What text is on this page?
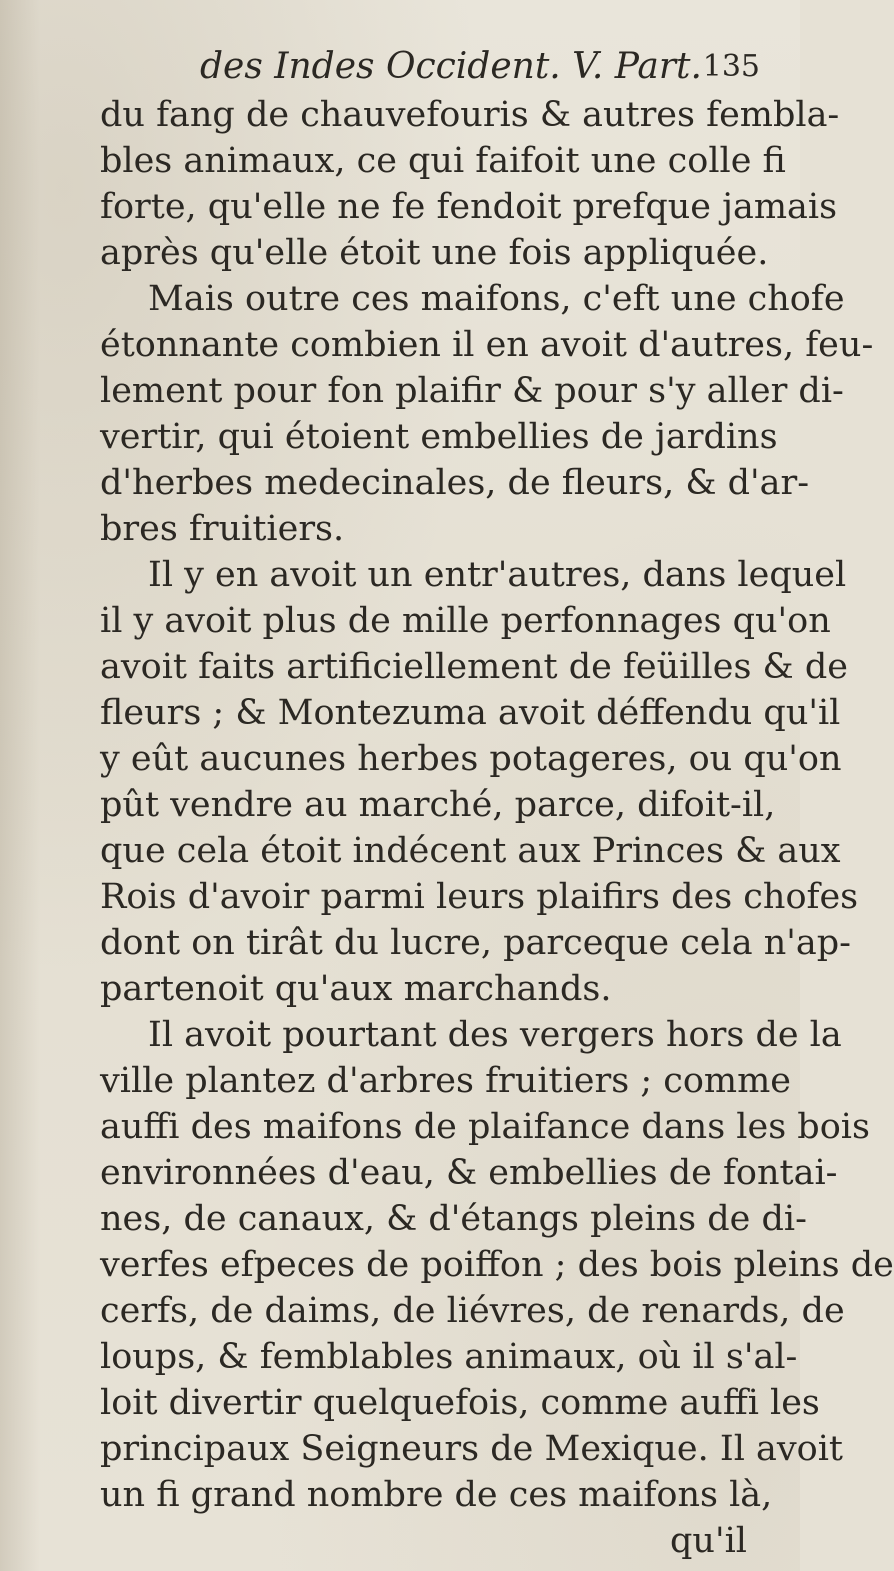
des Indes Occident. V. Part. 135
du fang de chauvefouris & autres fembla-
bles animaux, ce qui faifoit une colle fi
forte, qu'elle ne fe fendoit prefque jamais
après qu'elle étoit une fois appliquée.
Mais outre ces maifons, c'eft une chofe
étonnante combien il en avoit d'autres, feu-
lement pour fon plaifir & pour s'y aller di-
vertir, qui étoient embellies de jardins
d'herbes medecinales, de fleurs, & d'ar-
bres fruitiers.
Il y en avoit un entr'autres, dans lequel
il y avoit plus de mille perfonnages qu'on
avoit faits artificiellement de feüilles & de
fleurs ; & Montezuma avoit déffendu qu'il
y eût aucunes herbes potageres, ou qu'on
pût vendre au marché, parce, difoit-il,
que cela étoit indécent aux Princes & aux
Rois d'avoir parmi leurs plaifirs des chofes
dont on tirât du lucre, parceque cela n'ap-
partenoit qu'aux marchands.
Il avoit pourtant des vergers hors de la
ville plantez d'arbres fruitiers ; comme
auffi des maifons de plaifance dans les bois
environnées d'eau, & embellies de fontai-
nes, de canaux, & d'étangs pleins de di-
verfes efpeces de poiffon ; des bois pleins de
cerfs, de daims, de liévres, de renards, de
loups, & femblables animaux, où il s'al-
loit divertir quelquefois, comme auffi les
principaux Seigneurs de Mexique. Il avoit
un fi grand nombre de ces maifons là,
qu'il
